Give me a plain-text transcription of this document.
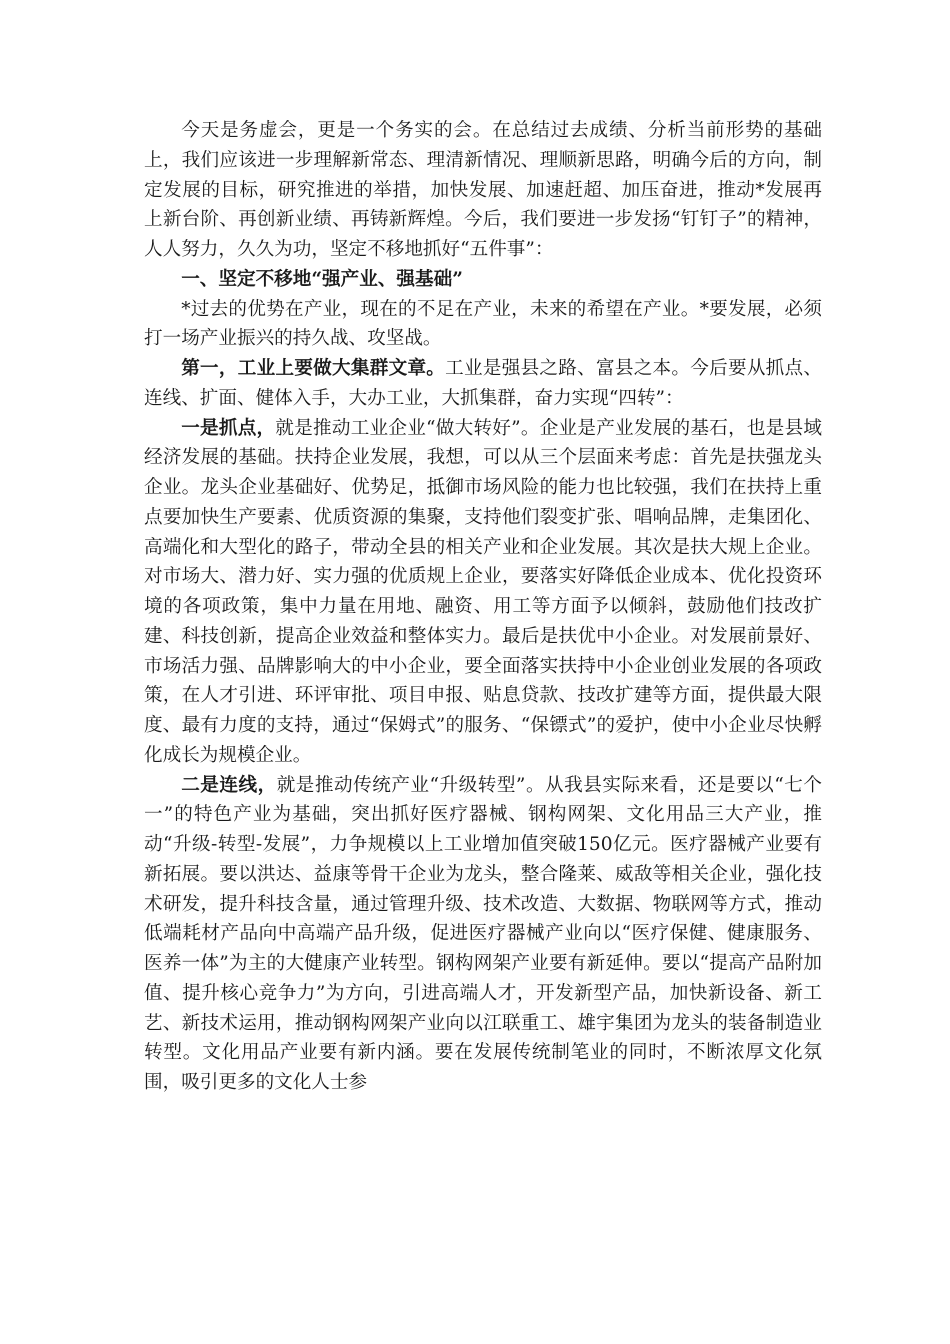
今天是务虚会，更是一个务实的会。在总结过去成绩、分析当前形势的基础上，我们应该进一步理解新常态、理清新情况、理顺新思路，明确今后的方向，制定发展的目标，研究推进的举措，加快发展、加速赶超、加压奋进，推动*发展再上新台阶、再创新业绩、再铸新辉煌。今后，我们要进一步发扬“钉钉子”的精神，人人努力，久久为功，坚定不移地抓好“五件事”：

一、坚定不移地“强产业、强基础”

*过去的优势在产业，现在的不足在产业，未来的希望在产业。*要发展，必须打一场产业振兴的持久战、攻坚战。

第一，工业上要做大集群文章。工业是强县之路、富县之本。今后要从抓点、连线、扩面、健体入手，大办工业，大抓集群，奋力实现“四转”：

一是抓点，就是推动工业企业“做大转好”。企业是产业发展的基石，也是县域经济发展的基础。扶持企业发展，我想，可以从三个层面来考虑：首先是扶强龙头企业。龙头企业基础好、优势足，抵御市场风险的能力也比较强，我们在扶持上重点要加快生产要素、优质资源的集聚，支持他们裂变扩张、唱响品牌，走集团化、高端化和大型化的路子，带动全县的相关产业和企业发展。其次是扶大规上企业。对市场大、潜力好、实力强的优质规上企业，要落实好降低企业成本、优化投资环境的各项政策，集中力量在用地、融资、用工等方面予以倾斜，鼓励他们技改扩建、科技创新，提高企业效益和整体实力。最后是扶优中小企业。对发展前景好、市场活力强、品牌影响大的中小企业，要全面落实扶持中小企业创业发展的各项政策，在人才引进、环评审批、项目申报、贴息贷款、技改扩建等方面，提供最大限度、最有力度的支持，通过“保姆式”的服务、“保镖式”的爱护，使中小企业尽快孵化成长为规模企业。

二是连线，就是推动传统产业“升级转型”。从我县实际来看，还是要以“七个一”的特色产业为基础，突出抓好医疗器械、钢构网架、文化用品三大产业，推动“升级-转型-发展”，力争规模以上工业增加值突破150亿元。医疗器械产业要有新拓展。要以洪达、益康等骨干企业为龙头，整合隆莱、威敌等相关企业，强化技术研发，提升科技含量，通过管理升级、技术改造、大数据、物联网等方式，推动低端耗材产品向中高端产品升级，促进医疗器械产业向以“医疗保健、健康服务、医养一体”为主的大健康产业转型。钢构网架产业要有新延伸。要以“提高产品附加值、提升核心竞争力”为方向，引进高端人才，开发新型产品，加快新设备、新工艺、新技术运用，推动钢构网架产业向以江联重工、雄宇集团为龙头的装备制造业转型。文化用品产业要有新内涵。要在发展传统制笔业的同时，不断浓厚文化氛围，吸引更多的文化人士参
